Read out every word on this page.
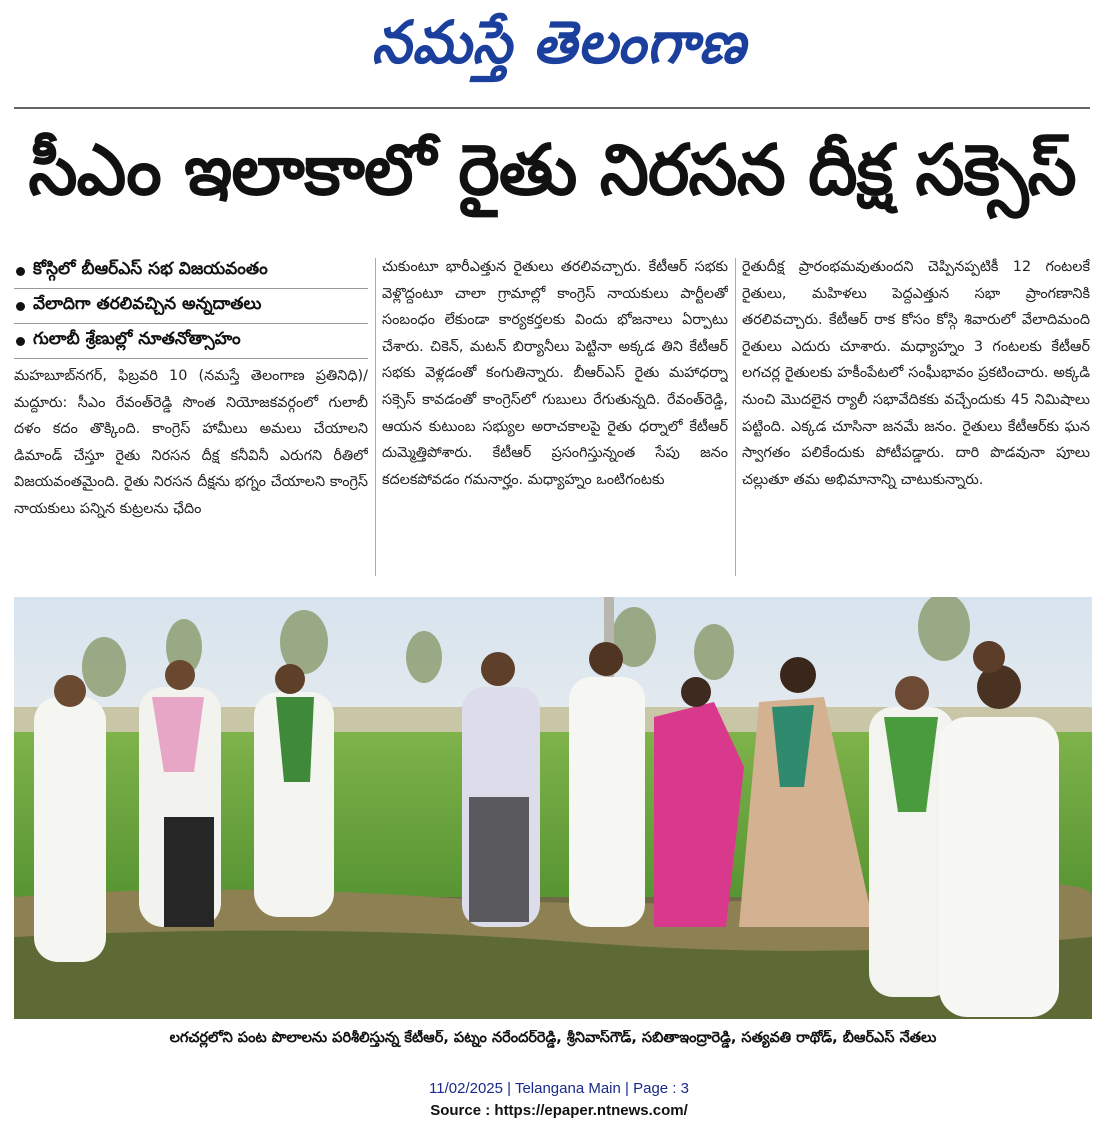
నమస్తే తెలంగాణ
సీఎం ఇలాకాలో రైతు నిరసన దీక్ష సక్సెస్
కోస్గిలో బీఆర్ఎస్ సభ విజయవంతం
వేలాదిగా తరలివచ్చిన అన్నదాతలు
గులాబీ శ్రేణుల్లో నూతనోత్సాహం

మహబూబ్‌నగర్, ఫిబ్రవరి 10 (నమస్తే తెలంగాణ ప్రతినిధి)/మద్దూరు: సీఎం రేవంత్‌రెడ్డి సొంత నియోజకవర్గంలో గులాబీ దళం కదం తొక్కింది. కాంగ్రెస్ హామీలు అమలు చేయాలని డిమాండ్ చేస్తూ రైతు నిరసన దీక్ష కనీవినీ ఎరుగని రీతిలో విజయవంతమైంది. రైతు నిరసన దీక్షను భగ్నం చేయాలని కాంగ్రెస్ నాయకులు పన్నిన కుట్రలను ఛేదిం

చుకుంటూ భారీఎత్తున రైతులు తరలివచ్చారు. కేటీఆర్ సభకు వెళ్లొద్దంటూ చాలా గ్రామాల్లో కాంగ్రెస్ నాయకులు పార్టీలతో సంబంధం లేకుండా కార్యకర్తలకు విందు భోజనాలు ఏర్పాటు చేశారు. చికెన్, మటన్ బిర్యానీలు పెట్టినా అక్కడ తిని కేటీఆర్ సభకు వెళ్లడంతో కంగుతిన్నారు. బీఆర్ఎస్ రైతు మహాధర్నా సక్సెస్ కావడంతో కాంగ్రెస్‌లో గుబులు రేగుతున్నది. రేవంత్‌రెడ్డి, ఆయన కుటుంబ సభ్యుల అరాచకాలపై రైతు ధర్నాలో కేటీఆర్ దుమ్మెత్తిపోశారు. కేటీఆర్ ప్రసంగిస్తున్నంత సేపు జనం కదలకపోవడం గమనార్హం. మధ్యాహ్నం ఒంటిగంటకు

రైతుదీక్ష ప్రారంభమవుతుందని చెప్పినప్పటికీ 12 గంటలకే రైతులు, మహిళలు పెద్దఎత్తున సభా ప్రాంగణానికి తరలివచ్చారు. కేటీఆర్ రాక కోసం కోస్గి శివారులో వేలాదిమంది రైతులు ఎదురు చూశారు. మధ్యాహ్నం 3 గంటలకు కేటీఆర్ లగచర్ల రైతులకు హకీంపేటలో సంఘీభావం ప్రకటించారు. అక్కడి నుంచి మొదలైన ర్యాలీ సభావేదికకు వచ్చేందుకు 45 నిమిషాలు పట్టింది. ఎక్కడ చూసినా జనమే జనం. రైతులు కేటీఆర్‌కు ఘన స్వాగతం పలికేందుకు పోటీపడ్డారు. దారి పొడవునా పూలు చల్లుతూ తమ అభిమానాన్ని చాటుకున్నారు.

లగచర్లలోని పంట పొలాలను పరిశీలిస్తున్న కేటీఆర్, పట్నం నరేందర్‌రెడ్డి, శ్రీనివాస్‌గౌడ్, సబితాఇంద్రారెడ్డి, సత్యవతి రాథోడ్, బీఆర్ఎస్ నేతలు
11/02/2025 | Telangana Main | Page : 3
Source : https://epaper.ntnews.com/
